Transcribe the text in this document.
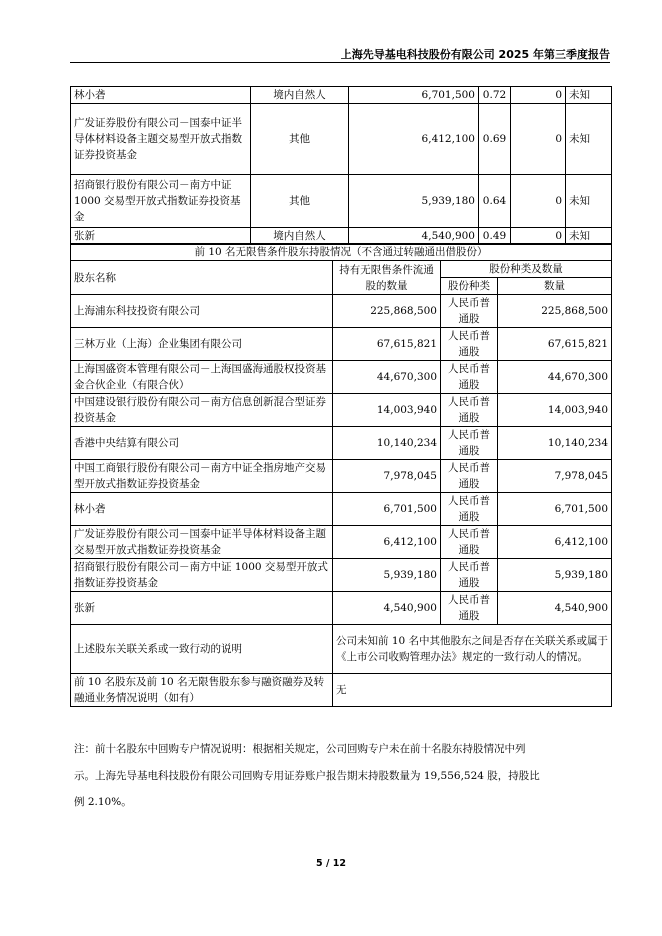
上海先导基电科技股份有限公司 2025 年第三季度报告
林小砻	境内自然人	6,701,500	0.72	0	未知
广发证券股份有限公司－国泰中证半导体材料设备主题交易型开放式指数证券投资基金	其他	6,412,100	0.69	0	未知
招商银行股份有限公司－南方中证 1000 交易型开放式指数证券投资基金	其他	5,939,180	0.64	0	未知
张新	境内自然人	4,540,900	0.49	0	未知
前 10 名无限售条件股东持股情况（不含通过转融通出借股份）			
股东名称	持有无限售条件流通股的数量	股份种类及数量	
		股份种类	数量
上海浦东科技投资有限公司	225,868,500	人民币普通股	225,868,500
三林万业（上海）企业集团有限公司	67,615,821	人民币普通股	67,615,821
上海国盛资本管理有限公司－上海国盛海通股权投资基金合伙企业（有限合伙）	44,670,300	人民币普通股	44,670,300
中国建设银行股份有限公司－南方信息创新混合型证券投资基金	14,003,940	人民币普通股	14,003,940
香港中央结算有限公司	10,140,234	人民币普通股	10,140,234
中国工商银行股份有限公司－南方中证全指房地产交易型开放式指数证券投资基金	7,978,045	人民币普通股	7,978,045
林小砻	6,701,500	人民币普通股	6,701,500
广发证券股份有限公司－国泰中证半导体材料设备主题交易型开放式指数证券投资基金	6,412,100	人民币普通股	6,412,100
招商银行股份有限公司－南方中证 1000 交易型开放式指数证券投资基金	5,939,180	人民币普通股	5,939,180
张新	4,540,900	人民币普通股	4,540,900
上述股东关联关系或一致行动的说明	公司未知前 10 名中其他股东之间是否存在关联关系或属于《上市公司收购管理办法》规定的一致行动人的情况。		
前 10 名股东及前 10 名无限售股东参与融资融券及转融通业务情况说明（如有）	无		
注：前十名股东中回购专户情况说明：根据相关规定，公司回购专户未在前十名股东持股情况中列
示。上海先导基电科技股份有限公司回购专用证券账户报告期末持股数量为 19,556,524 股，持股比
例 2.10%。
5 / 12
